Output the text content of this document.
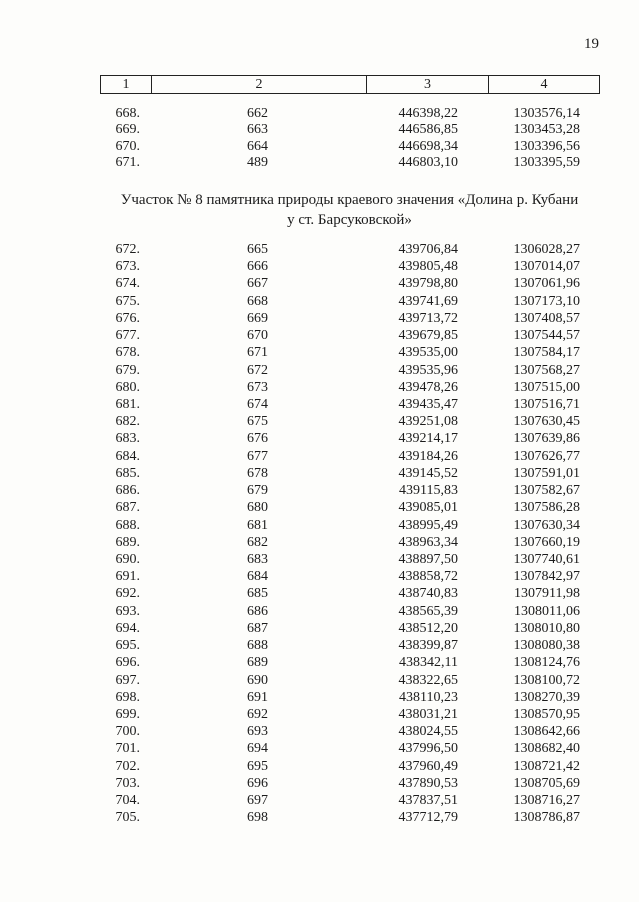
19
1	2	3	4
668.	662	446398,22	1303576,14
669.	663	446586,85	1303453,28
670.	664	446698,34	1303396,56
671.	489	446803,10	1303395,59
Участок № 8 памятника природы краевого значения «Долина р. Кубани
у ст. Барсуковской»
672.	665	439706,84	1306028,27
673.	666	439805,48	1307014,07
674.	667	439798,80	1307061,96
675.	668	439741,69	1307173,10
676.	669	439713,72	1307408,57
677.	670	439679,85	1307544,57
678.	671	439535,00	1307584,17
679.	672	439535,96	1307568,27
680.	673	439478,26	1307515,00
681.	674	439435,47	1307516,71
682.	675	439251,08	1307630,45
683.	676	439214,17	1307639,86
684.	677	439184,26	1307626,77
685.	678	439145,52	1307591,01
686.	679	439115,83	1307582,67
687.	680	439085,01	1307586,28
688.	681	438995,49	1307630,34
689.	682	438963,34	1307660,19
690.	683	438897,50	1307740,61
691.	684	438858,72	1307842,97
692.	685	438740,83	1307911,98
693.	686	438565,39	1308011,06
694.	687	438512,20	1308010,80
695.	688	438399,87	1308080,38
696.	689	438342,11	1308124,76
697.	690	438322,65	1308100,72
698.	691	438110,23	1308270,39
699.	692	438031,21	1308570,95
700.	693	438024,55	1308642,66
701.	694	437996,50	1308682,40
702.	695	437960,49	1308721,42
703.	696	437890,53	1308705,69
704.	697	437837,51	1308716,27
705.	698	437712,79	1308786,87
